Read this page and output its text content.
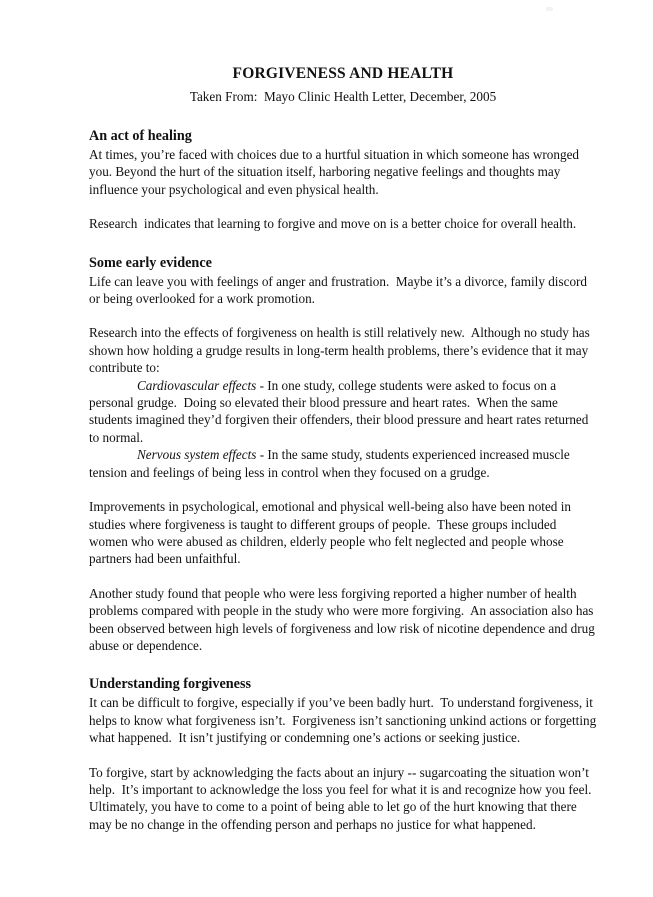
FORGIVENESS AND HEALTH
Taken From:  Mayo Clinic Health Letter, December, 2005
An act of healing

At times, you’re faced with choices due to a hurtful situation in which someone has wronged you. Beyond the hurt of the situation itself, harboring negative feelings and thoughts may influence your psychological and even physical health.

Research  indicates that learning to forgive and move on is a better choice for overall health.

Some early evidence

Life can leave you with feelings of anger and frustration.  Maybe it’s a divorce, family discord or being overlooked for a work promotion.

Research into the effects of forgiveness on health is still relatively new.  Although no study has shown how holding a grudge results in long-term health problems, there’s evidence that it may contribute to:

Cardiovascular effects - In one study, college students were asked to focus on a personal grudge.  Doing so elevated their blood pressure and heart rates.  When the same students imagined they’d forgiven their offenders, their blood pressure and heart rates returned to normal.

Nervous system effects - In the same study, students experienced increased muscle tension and feelings of being less in control when they focused on a grudge.

Improvements in psychological, emotional and physical well-being also have been noted in studies where forgiveness is taught to different groups of people.  These groups included women who were abused as children, elderly people who felt neglected and people whose partners had been unfaithful.

Another study found that people who were less forgiving reported a higher number of health problems compared with people in the study who were more forgiving.  An association also has been observed between high levels of forgiveness and low risk of nicotine dependence and drug abuse or dependence.

Understanding forgiveness

It can be difficult to forgive, especially if you’ve been badly hurt.  To understand forgiveness, it helps to know what forgiveness isn’t.  Forgiveness isn’t sanctioning unkind actions or forgetting what happened.  It isn’t justifying or condemning one’s actions or seeking justice.

To forgive, start by acknowledging the facts about an injury -- sugarcoating the situation won’t help.  It’s important to acknowledge the loss you feel for what it is and recognize how you feel. Ultimately, you have to come to a point of being able to let go of the hurt knowing that there may be no change in the offending person and perhaps no justice for what happened.
